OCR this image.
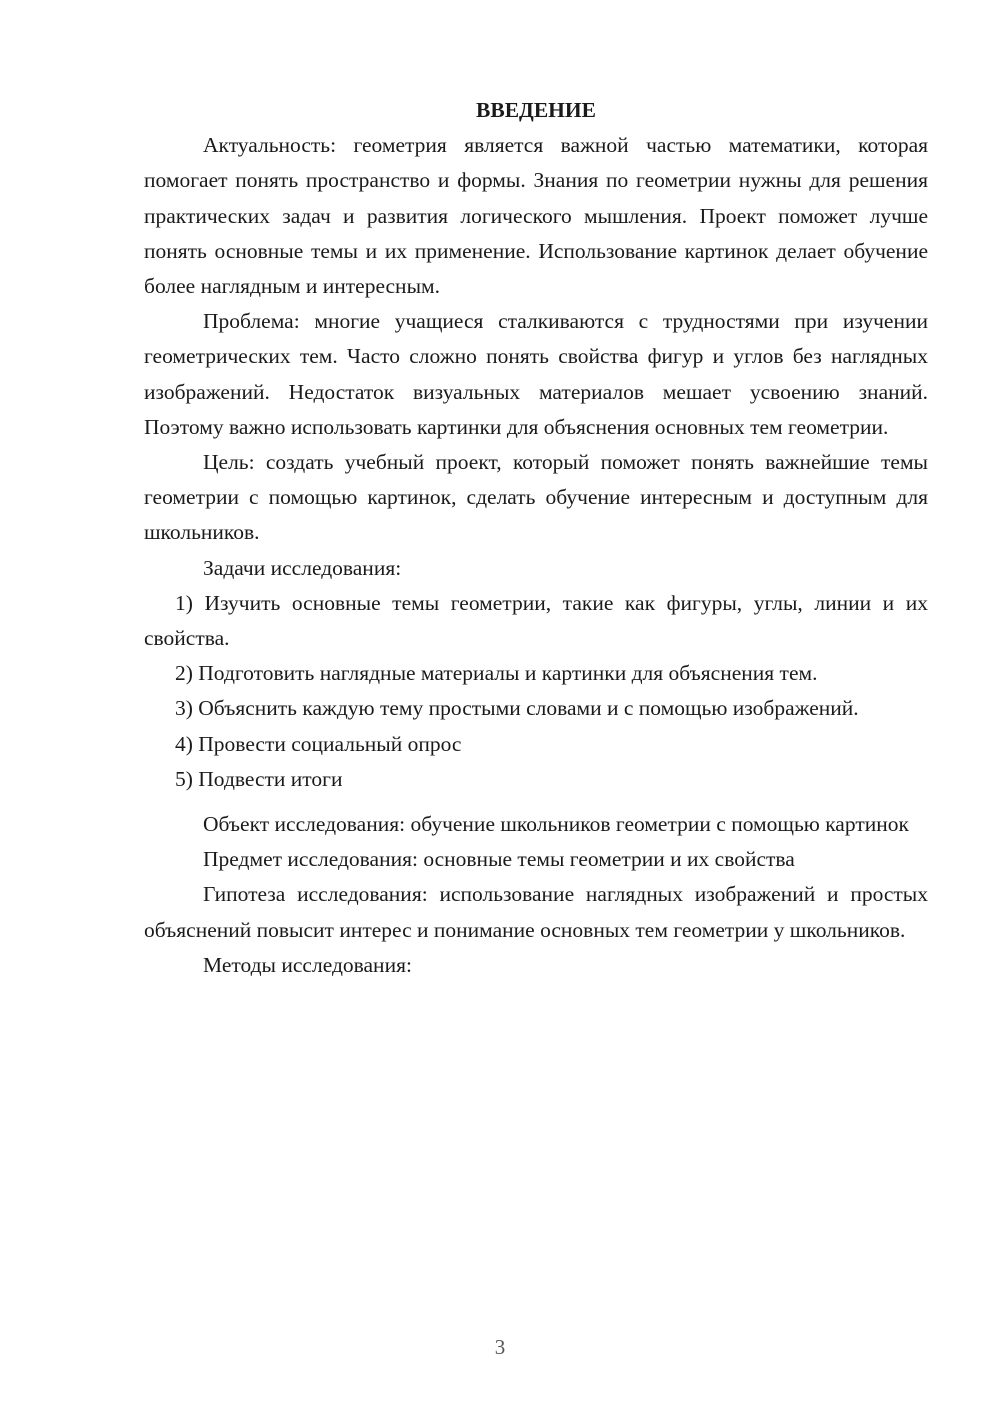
ВВЕДЕНИЕ

Актуальность: геометрия является важной частью математики, которая помогает понять пространство и формы. Знания по геометрии нужны для решения практических задач и развития логического мышления. Проект поможет лучше понять основные темы и их применение. Использование картинок делает обучение более наглядным и интересным.

Проблема: многие учащиеся сталкиваются с трудностями при изучении геометрических тем. Часто сложно понять свойства фигур и углов без наглядных изображений. Недостаток визуальных материалов мешает усвоению знаний. Поэтому важно использовать картинки для объяснения основных тем геометрии.

Цель: создать учебный проект, который поможет понять важнейшие темы геометрии с помощью картинок, сделать обучение интересным и доступным для школьников.

Задачи исследования:

1) Изучить основные темы геометрии, такие как фигуры, углы, линии и их свойства.

2) Подготовить наглядные материалы и картинки для объяснения тем.

3) Объяснить каждую тему простыми словами и с помощью изображений.

4) Провести социальный опрос

5) Подвести итоги

Объект исследования: обучение школьников геометрии с помощью картинок

Предмет исследования: основные темы геометрии и их свойства

Гипотеза исследования: использование наглядных изображений и простых объяснений повысит интерес и понимание основных тем геометрии у школьников.

Методы исследования:

3
